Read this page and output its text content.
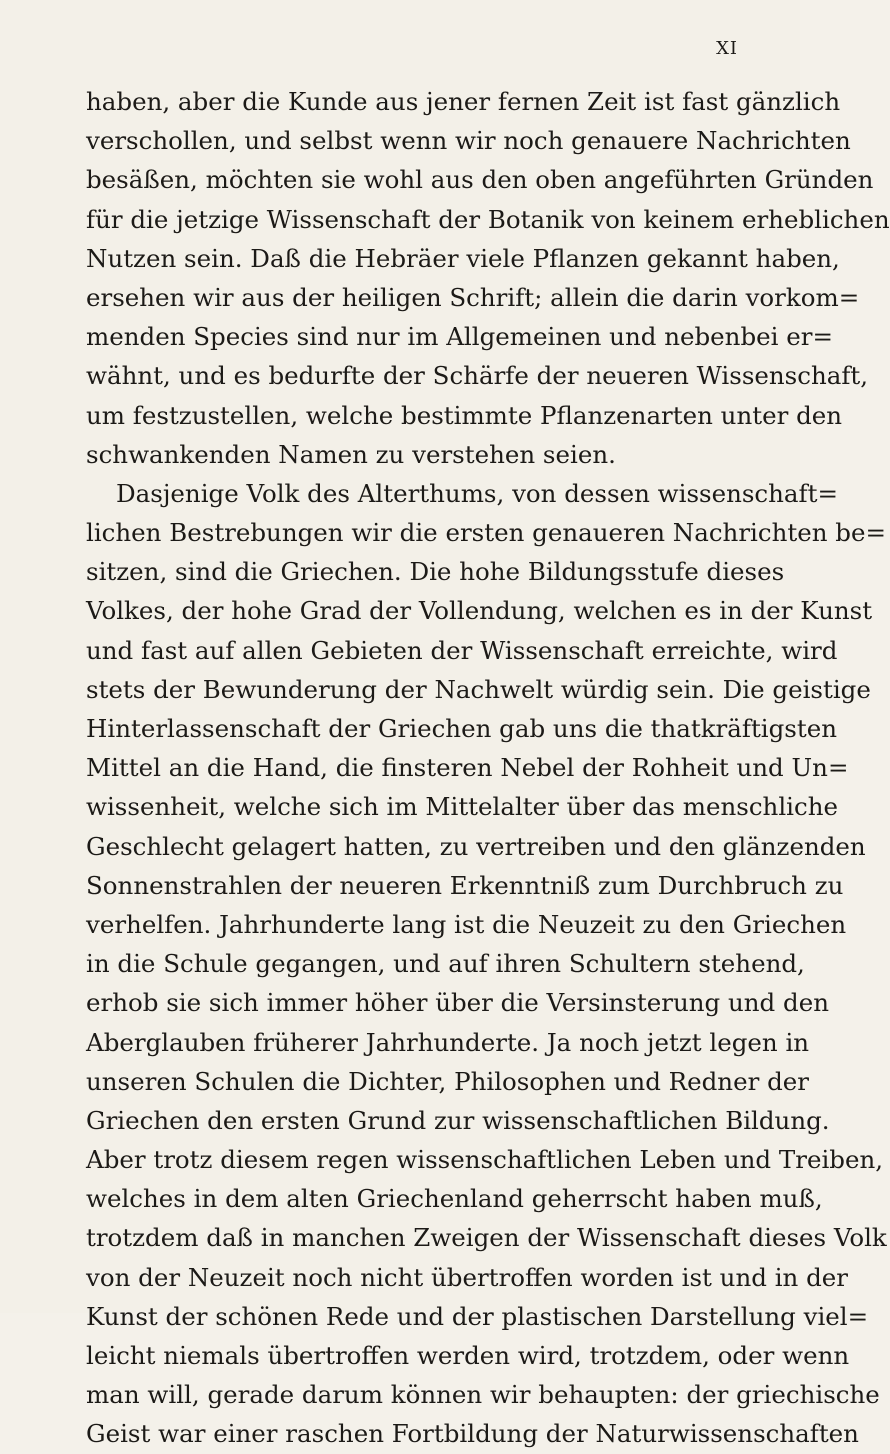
XI
haben, aber die Kunde aus jener fernen Zeit ist fast gänzlich
verschollen, und selbst wenn wir noch genauere Nachrichten
besäßen, möchten sie wohl aus den oben angeführten Gründen
für die jetzige Wissenschaft der Botanik von keinem erheblichen
Nutzen sein. Daß die Hebräer viele Pflanzen gekannt haben,
ersehen wir aus der heiligen Schrift; allein die darin vorkom=
menden Species sind nur im Allgemeinen und nebenbei er=
wähnt, und es bedurfte der Schärfe der neueren Wissenschaft,
um festzustellen, welche bestimmte Pflanzenarten unter den
schwankenden Namen zu verstehen seien.
Dasjenige Volk des Alterthums, von dessen wissenschaft=
lichen Bestrebungen wir die ersten genaueren Nachrichten be=
sitzen, sind die Griechen. Die hohe Bildungsstufe dieses
Volkes, der hohe Grad der Vollendung, welchen es in der Kunst
und fast auf allen Gebieten der Wissenschaft erreichte, wird
stets der Bewunderung der Nachwelt würdig sein. Die geistige
Hinterlassenschaft der Griechen gab uns die thatkräftigsten
Mittel an die Hand, die finsteren Nebel der Rohheit und Un=
wissenheit, welche sich im Mittelalter über das menschliche
Geschlecht gelagert hatten, zu vertreiben und den glänzenden
Sonnenstrahlen der neueren Erkenntniß zum Durchbruch zu
verhelfen. Jahrhunderte lang ist die Neuzeit zu den Griechen
in die Schule gegangen, und auf ihren Schultern stehend,
erhob sie sich immer höher über die Versinsterung und den
Aberglauben früherer Jahrhunderte. Ja noch jetzt legen in
unseren Schulen die Dichter, Philosophen und Redner der
Griechen den ersten Grund zur wissenschaftlichen Bildung.
Aber trotz diesem regen wissenschaftlichen Leben und Treiben,
welches in dem alten Griechenland geherrscht haben muß,
trotzdem daß in manchen Zweigen der Wissenschaft dieses Volk
von der Neuzeit noch nicht übertroffen worden ist und in der
Kunst der schönen Rede und der plastischen Darstellung viel=
leicht niemals übertroffen werden wird, trotzdem, oder wenn
man will, gerade darum können wir behaupten: der griechische
Geist war einer raschen Fortbildung der Naturwissenschaften
